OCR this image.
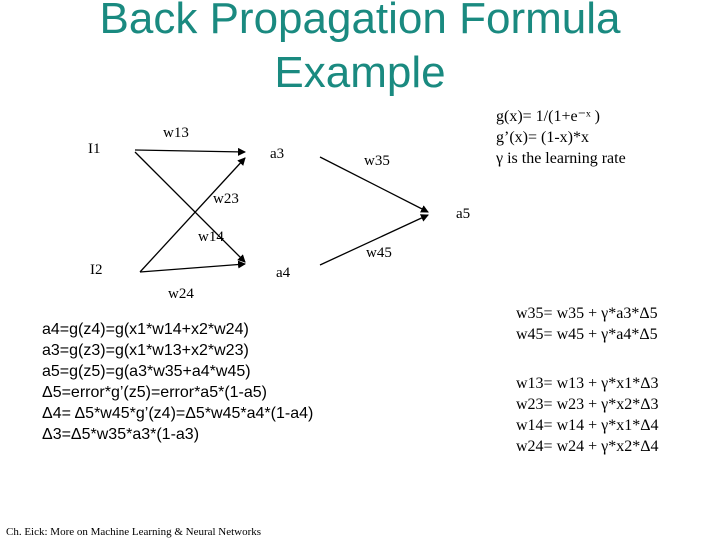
Back Propagation Formula
Example
I1
I2
a3
a4
a5
w13
w23
w14
w24
w35
w45
g(x)= 1/(1+e⁻ˣ )
g’(x)= (1-x)*x
γ is the learning rate
a4=g(z4)=g(x1*w14+x2*w24)
a3=g(z3)=g(x1*w13+x2*w23)
a5=g(z5)=g(a3*w35+a4*w45)
Δ5=error*g’(z5)=error*a5*(1-a5)
Δ4= Δ5*w45*g’(z4)=Δ5*w45*a4*(1-a4)
Δ3=Δ5*w35*a3*(1-a3)
w35= w35 + γ*a3*Δ5
w45= w45 + γ*a4*Δ5
w13= w13 + γ*x1*Δ3
w23= w23 + γ*x2*Δ3
w14= w14 + γ*x1*Δ4
w24= w24 + γ*x2*Δ4
Ch. Eick: More on Machine Learning & Neural Networks
